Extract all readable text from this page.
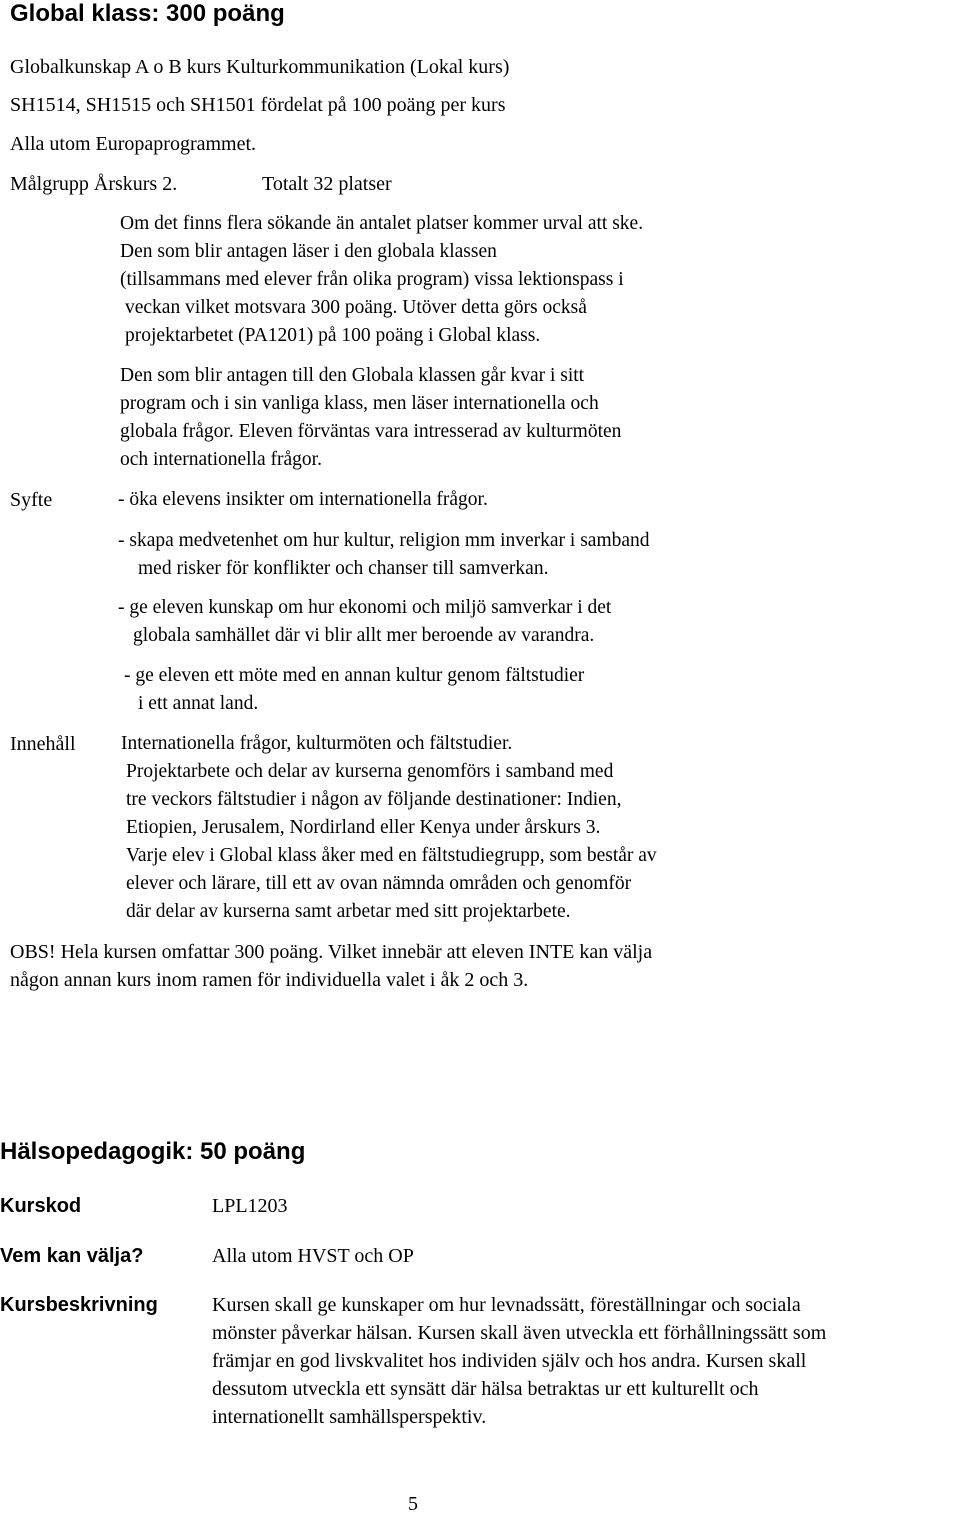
Global klass: 300 poäng
Globalkunskap A o B kurs Kulturkommunikation (Lokal kurs)
SH1514, SH1515 och SH1501 fördelat på 100 poäng per kurs
Alla utom Europaprogrammet.
Målgrupp Årskurs 2.	Totalt 32 platser
Om det finns flera sökande än antalet platser kommer urval att ske.
Den som blir antagen läser i den globala klassen
(tillsammans med elever från olika program) vissa lektionspass i
veckan vilket motsvara 300 poäng. Utöver detta görs också
projektarbetet (PA1201) på 100 poäng i Global klass.
Den som blir antagen till den Globala klassen går kvar i sitt
program och i sin vanliga klass, men läser internationella och
globala frågor. Eleven förväntas vara intresserad av kulturmöten
och internationella frågor.
Syfte	- öka elevens insikter om internationella frågor.
- skapa medvetenhet om hur kultur, religion mm inverkar i samband
med risker för konflikter och chanser till samverkan.
- ge eleven kunskap om hur ekonomi och miljö samverkar i det
globala samhället där vi blir allt mer beroende av varandra.
- ge eleven ett möte med en annan kultur genom fältstudier
i ett annat land.
Innehåll Internationella frågor, kulturmöten och fältstudier.
Projektarbete och delar av kurserna genomförs i samband med
tre veckors fältstudier i någon av följande destinationer: Indien,
Etiopien, Jerusalem, Nordirland eller Kenya under årskurs 3.
Varje elev i Global klass åker med en fältstudiegrupp, som består av
elever och lärare, till ett av ovan nämnda områden och genomför
där delar av kurserna samt arbetar med sitt projektarbete.
OBS! Hela kursen omfattar 300 poäng. Vilket innebär att eleven INTE kan välja
någon annan kurs inom ramen för individuella valet i åk 2 och 3.
Hälsopedagogik: 50 poäng
Kurskod	LPL1203
Vem kan välja?	Alla utom HVST och OP
Kursbeskrivning	Kursen skall ge kunskaper om hur levnadssätt, föreställningar och sociala
mönster påverkar hälsan. Kursen skall även utveckla ett förhållningssätt som
främjar en god livskvalitet hos individen själv och hos andra. Kursen skall
dessutom utveckla ett synsätt där hälsa betraktas ur ett kulturellt och
internationellt samhällsperspektiv.
5
